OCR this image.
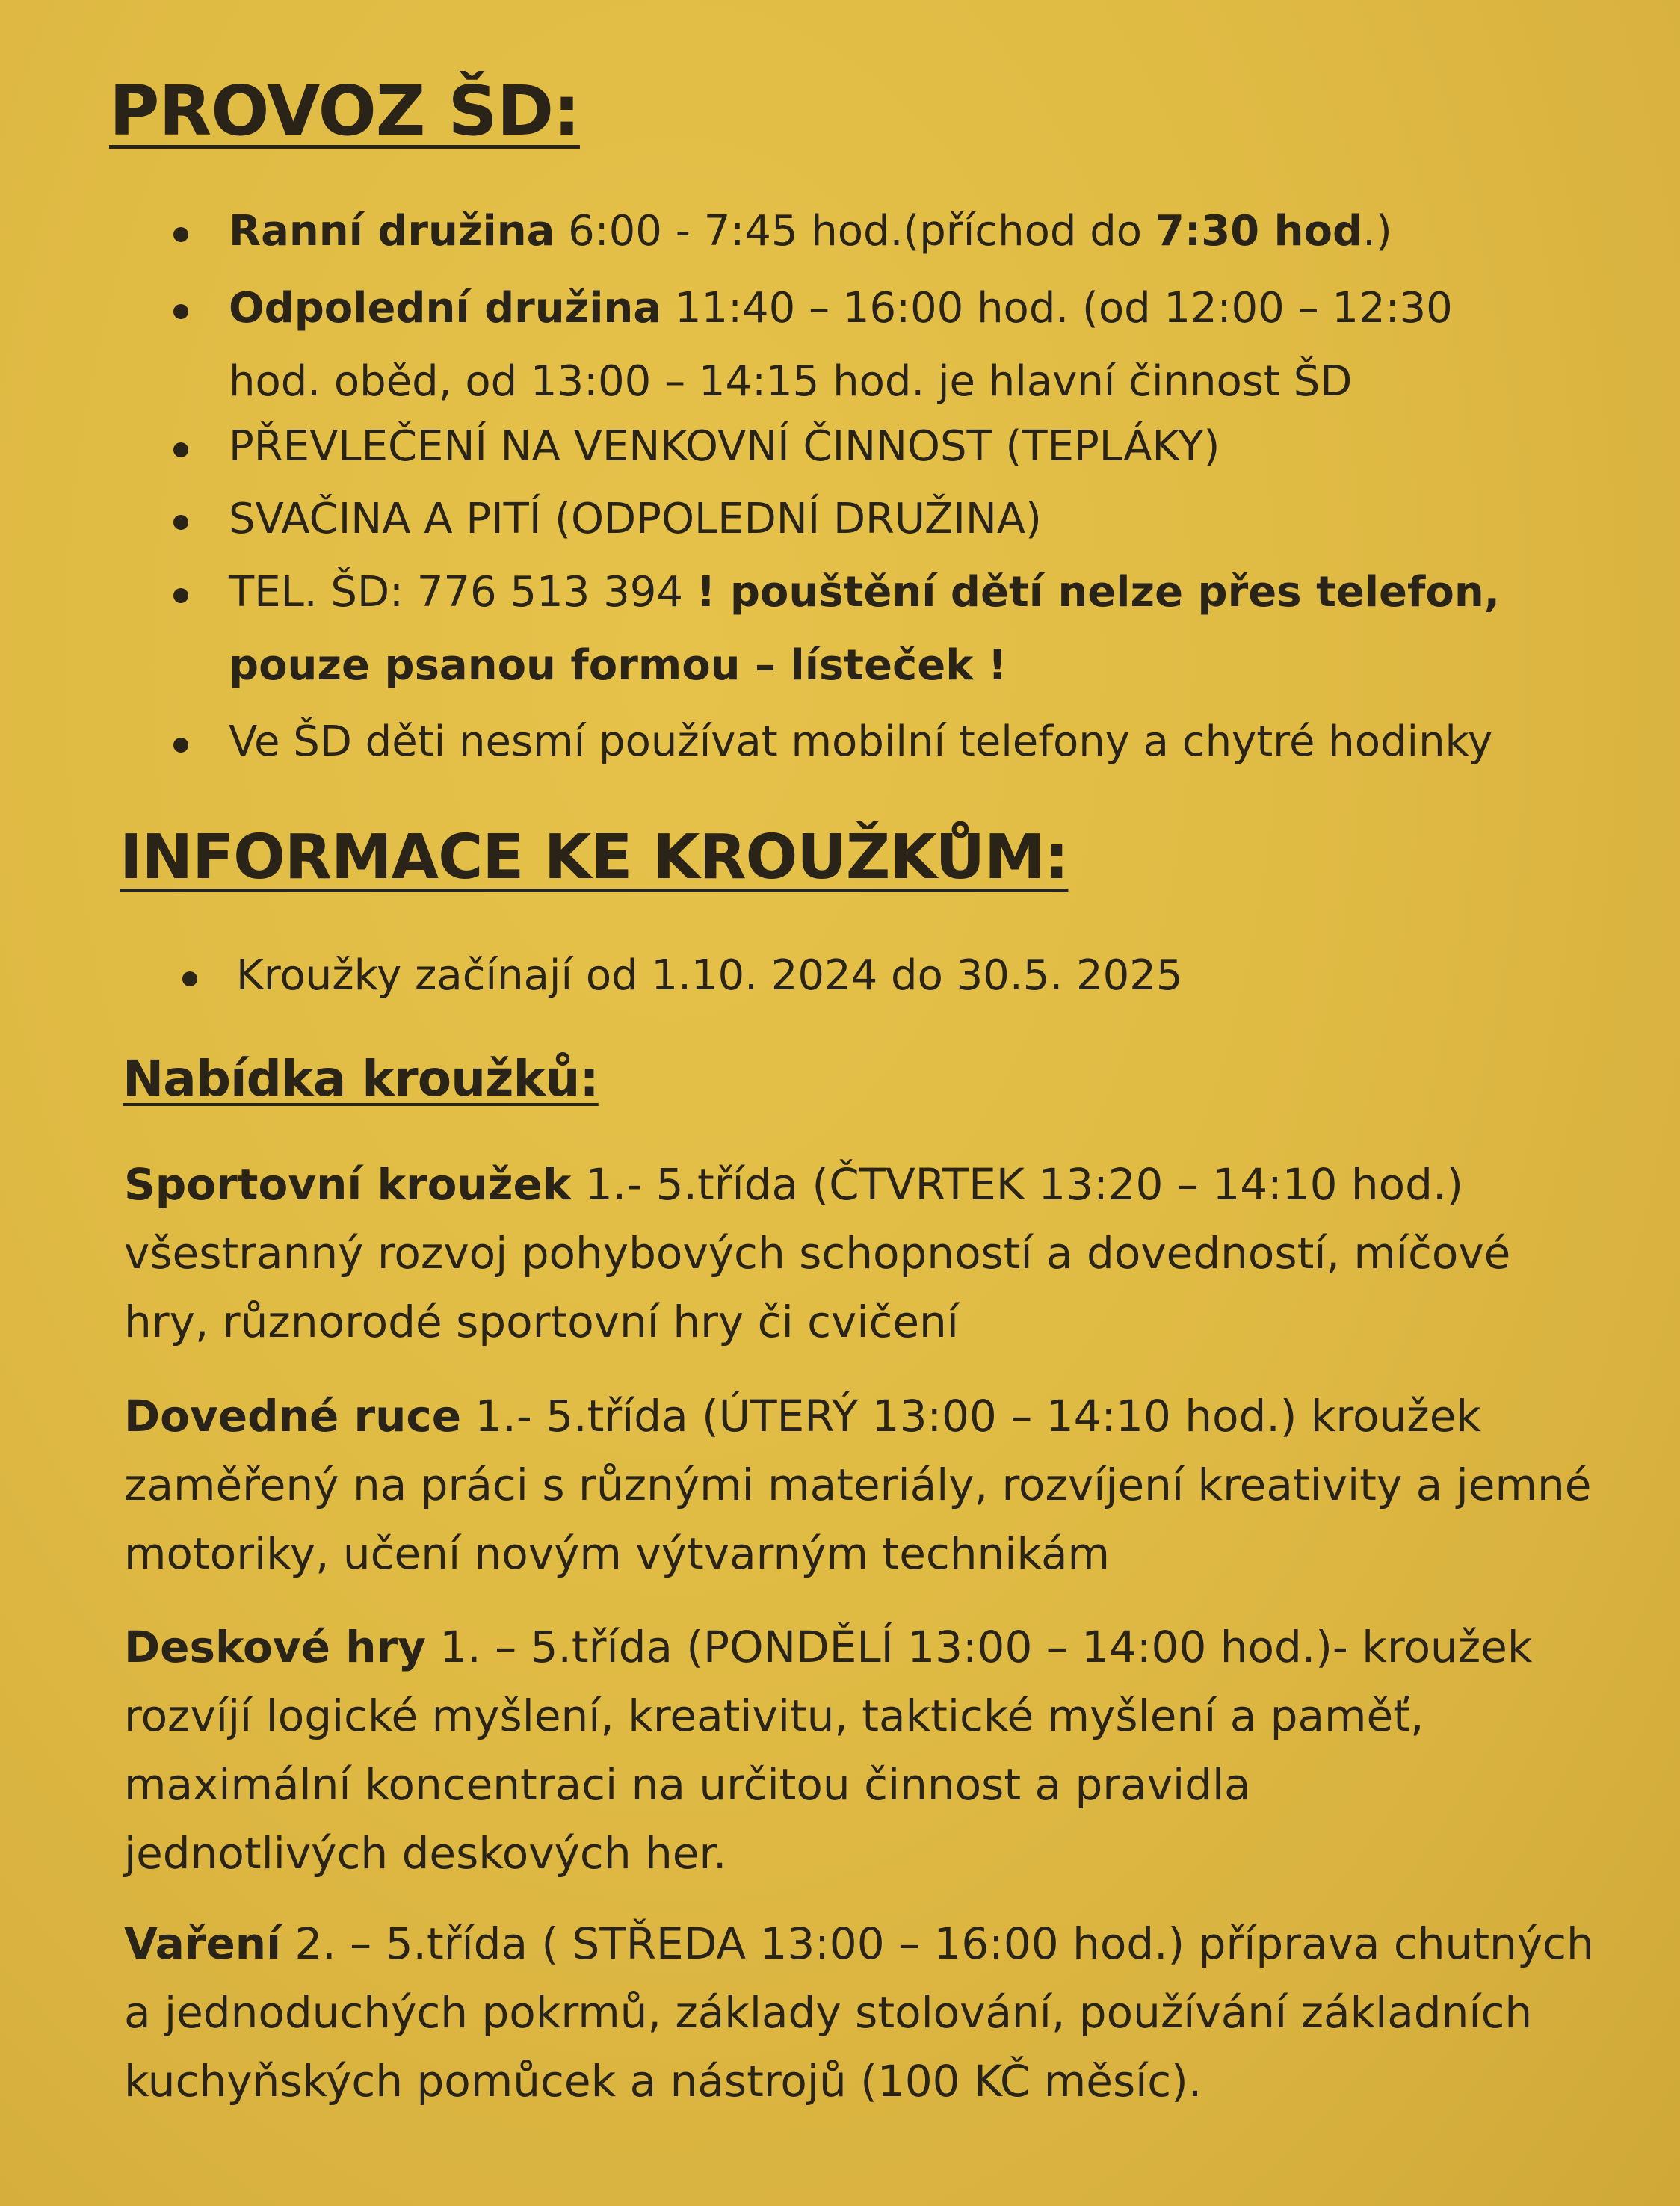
PROVOZ ŠD:
Ranní družina 6:00 - 7:45 hod.(příchod do 7:30 hod.)
Odpolední družina 11:40 – 16:00 hod. (od 12:00 – 12:30
hod. oběd, od 13:00 – 14:15 hod. je hlavní činnost ŠD
PŘEVLEČENÍ NA VENKOVNÍ ČINNOST (TEPLÁKY)
SVAČINA A PITÍ (ODPOLEDNÍ DRUŽINA)
TEL. ŠD: 776 513 394 ! pouštění dětí nelze přes telefon,
pouze psanou formou – lísteček !
Ve ŠD děti nesmí používat mobilní telefony a chytré hodinky
INFORMACE KE KROUŽKŮM:
Kroužky začínají od 1.10. 2024 do 30.5. 2025
Nabídka kroužků:
Sportovní kroužek 1.- 5.třída (ČTVRTEK 13:20 – 14:10 hod.)
všestranný rozvoj pohybových schopností a dovedností, míčové
hry, různorodé sportovní hry či cvičení
Dovedné ruce 1.- 5.třída (ÚTERÝ 13:00 – 14:10 hod.) kroužek
zaměřený na práci s různými materiály, rozvíjení kreativity a jemné
motoriky, učení novým výtvarným technikám
Deskové hry 1. – 5.třída (PONDĚLÍ 13:00 – 14:00 hod.)- kroužek
rozvíjí logické myšlení, kreativitu, taktické myšlení a paměť,
maximální koncentraci na určitou činnost a pravidla
jednotlivých deskových her.
Vaření 2. – 5.třída ( STŘEDA 13:00 – 16:00 hod.) příprava chutných
a jednoduchých pokrmů, základy stolování, používání základních
kuchyňských pomůcek a nástrojů (100 KČ měsíc).
